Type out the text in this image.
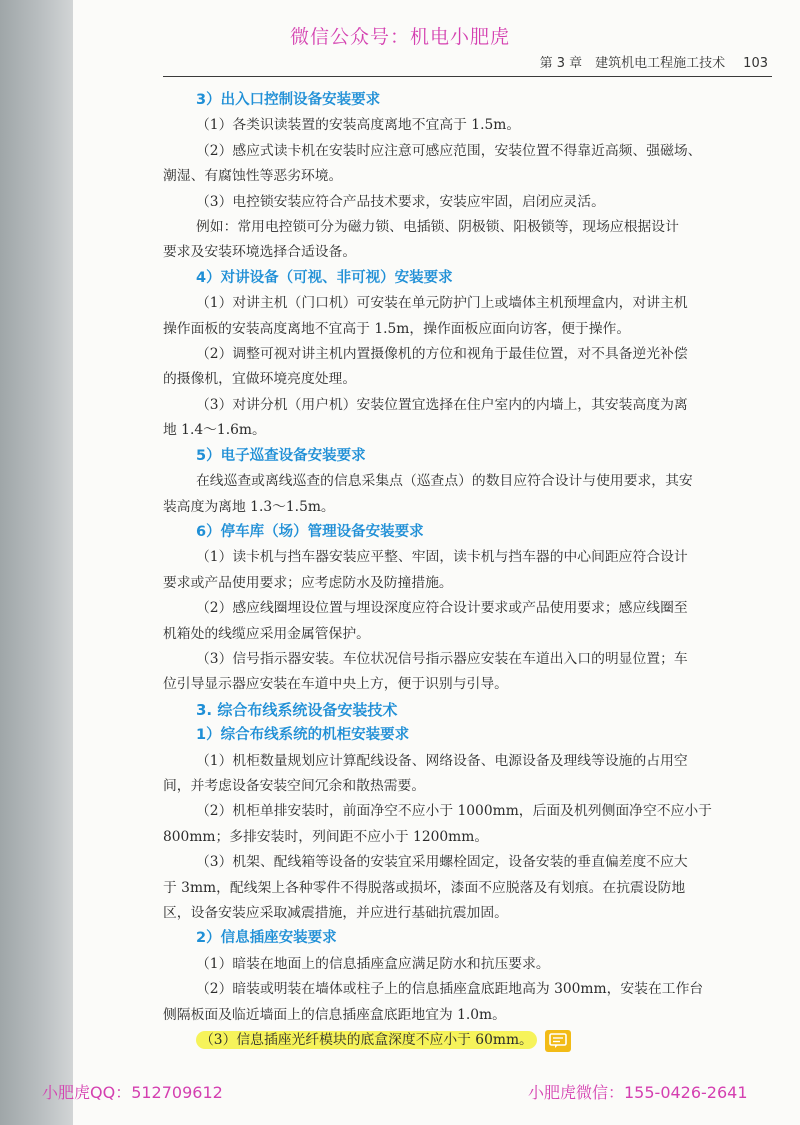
微信公众号：机电小肥虎
第 3 章　建筑机电工程施工技术 103
3）出入口控制设备安装要求
（1）各类识读装置的安装高度离地不宜高于 1.5m。
（2）感应式读卡机在安装时应注意可感应范围，安装位置不得靠近高频、强磁场、
潮湿、有腐蚀性等恶劣环境。
（3）电控锁安装应符合产品技术要求，安装应牢固，启闭应灵活。
例如：常用电控锁可分为磁力锁、电插锁、阴极锁、阳极锁等，现场应根据设计
要求及安装环境选择合适设备。
4）对讲设备（可视、非可视）安装要求
（1）对讲主机（门口机）可安装在单元防护门上或墙体主机预埋盒内，对讲主机
操作面板的安装高度离地不宜高于 1.5m，操作面板应面向访客，便于操作。
（2）调整可视对讲主机内置摄像机的方位和视角于最佳位置，对不具备逆光补偿
的摄像机，宜做环境亮度处理。
（3）对讲分机（用户机）安装位置宜选择在住户室内的内墙上，其安装高度为离
地 1.4～1.6m。
5）电子巡查设备安装要求
在线巡查或离线巡查的信息采集点（巡查点）的数目应符合设计与使用要求，其安
装高度为离地 1.3～1.5m。
6）停车库（场）管理设备安装要求
（1）读卡机与挡车器安装应平整、牢固，读卡机与挡车器的中心间距应符合设计
要求或产品使用要求；应考虑防水及防撞措施。
（2）感应线圈埋设位置与埋设深度应符合设计要求或产品使用要求；感应线圈至
机箱处的线缆应采用金属管保护。
（3）信号指示器安装。车位状况信号指示器应安装在车道出入口的明显位置；车
位引导显示器应安装在车道中央上方，便于识别与引导。
3. 综合布线系统设备安装技术
1）综合布线系统的机柜安装要求
（1）机柜数量规划应计算配线设备、网络设备、电源设备及理线等设施的占用空
间，并考虑设备安装空间冗余和散热需要。
（2）机柜单排安装时，前面净空不应小于 1000mm，后面及机列侧面净空不应小于
800mm；多排安装时，列间距不应小于 1200mm。
（3）机架、配线箱等设备的安装宜采用螺栓固定，设备安装的垂直偏差度不应大
于 3mm，配线架上各种零件不得脱落或损坏，漆面不应脱落及有划痕。在抗震设防地
区，设备安装应采取减震措施，并应进行基础抗震加固。
2）信息插座安装要求
（1）暗装在地面上的信息插座盒应满足防水和抗压要求。
（2）暗装或明装在墙体或柱子上的信息插座盒底距地高为 300mm，安装在工作台
侧隔板面及临近墙面上的信息插座盒底距地宜为 1.0m。
（3）信息插座光纤模块的底盒深度不应小于 60mm。
小肥虎QQ：512709612	小肥虎微信：155-0426-2641
